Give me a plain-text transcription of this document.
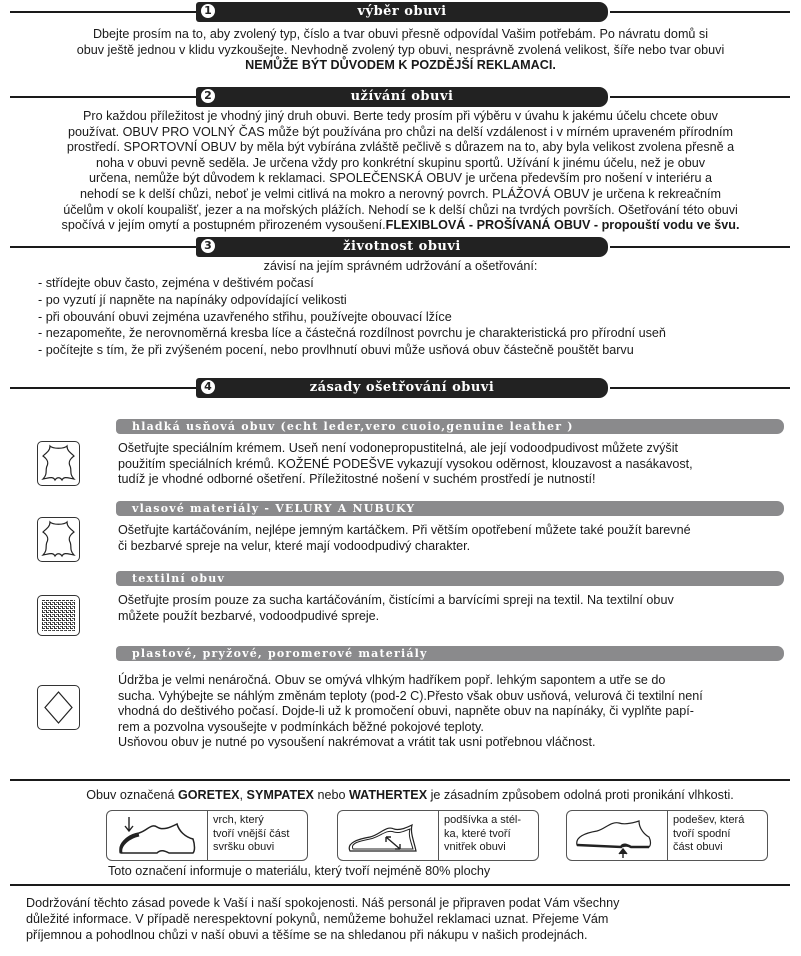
1	výběr obuvi
Dbejte prosím na to, aby zvolený typ, číslo a tvar obuvi přesně odpovídal Vašim potřebám. Po návratu domů si
obuv ještě jednou v klidu vyzkoušejte. Nevhodně zvolený typ obuvi, nesprávně zvolená velikost, šíře nebo tvar obuvi
NEMŮŽE BÝT DŮVODEM K POZDĚJŠÍ REKLAMACI.
2	užívání obuvi
Pro každou příležitost je vhodný jiný druh obuvi. Berte tedy prosím při výběru v úvahu k jakému účelu chcete obuv
používat. OBUV PRO VOLNÝ ČAS může být používána pro chůzi na delší vzdálenost i v mírném upraveném přírodním
prostředí. SPORTOVNÍ OBUV by měla být vybírána zvláště pečlivě s důrazem na to, aby byla velikost zvolena přesně a
noha v obuvi pevně seděla. Je určena vždy pro konkrétní skupinu sportů. Užívání k jinému účelu, než je obuv
určena, nemůže být důvodem k reklamaci. SPOLEČENSKÁ OBUV je určena především pro nošení v interiéru a
nehodí se k delší chůzi, neboť je velmi citlivá na mokro a nerovný povrch. PLÁŽOVÁ OBUV je určena k rekreačním
účelům v okolí koupališť, jezer a na mořských plážích. Nehodí se k delší chůzi na tvrdých površích. Ošetřování této obuvi
spočívá v jejím omytí a postupném přirozeném vysoušení.FLEXIBLOVÁ - PROŠÍVANÁ OBUV - propouští vodu ve švu.
3	životnost obuvi
závisí na jejím správném udržování a ošetřování:
- střídejte obuv často, zejména v deštivém počasí
- po vyzutí jí napněte na napínáky odpovídající velikosti
- při obouvání obuvi zejména uzavřeného střihu, používejte obouvací lžíce
- nezapomeňte, že nerovnoměrná kresba líce a částečná rozdílnost povrchu je charakteristická pro přírodní useň
- počítejte s tím, že při zvýšeném pocení, nebo provlhnutí obuvi může usňová obuv částečně pouštět barvu
4	zásady ošetřování obuvi
hladká usňová obuv (echt leder,vero cuoio,genuine leather )
Ošetřujte speciálním krémem. Useň není vodonepropustitelná, ale její vodoodpudivost můžete zvýšit
použitím speciálních krémů. KOŽENÉ PODEŠVE vykazují vysokou oděrnost, klouzavost a nasákavost,
tudíž je vhodné odborné ošetření. Příležitostné nošení v suchém prostředí je nutností!
vlasové materiály - VELURY A NUBUKY
Ošetřujte kartáčováním, nejlépe jemným kartáčkem. Při větším opotřebení můžete také použít barevné
či bezbarvé spreje na velur, které mají vodoodpudivý charakter.
textilní obuv
Ošetřujte prosím pouze za sucha kartáčováním, čistícími a barvícími spreji na textil. Na textilní obuv
můžete použít bezbarvé, vodoodpudivé spreje.
plastové, pryžové, poromerové materiály
Údržba je velmi nenáročná. Obuv se omývá vlhkým hadříkem popř. lehkým sapontem a utře se do
sucha. Vyhýbejte se náhlým změnám teploty (pod-2 C).Přesto však obuv usňová, velurová či textilní není
vhodná do deštivého počasí. Dojde-li už k promočení obuvi, napněte obuv na napínáky, či vyplňte papí-
rem a pozvolna vysoušejte v podmínkách běžné pokojové teploty.
Usňovou obuv je nutné po vysoušení nakrémovat a vrátit tak usni potřebnou vláčnost.
Obuv označená GORETEX, SYMPATEX nebo WATHERTEX je zásadním způsobem odolná proti pronikání vlhkosti.
vrch, který
tvoří vnější část
svršku obuvi
podšívka a stél-
ka, které tvoří
vnitřek obuvi
podešev, která
tvoří spodní
část obuvi
Toto označení informuje o materiálu, který tvoří nejméně 80% plochy
Dodržování těchto zásad povede k Vaší i naší spokojenosti. Náš personál je připraven podat Vám všechny
důležité informace. V případě nerespektovní pokynů, nemůžeme bohužel reklamaci uznat. Přejeme Vám
příjemnou a pohodlnou chůzi v naší obuvi a těšíme se na shledanou při nákupu v našich prodejnách.
